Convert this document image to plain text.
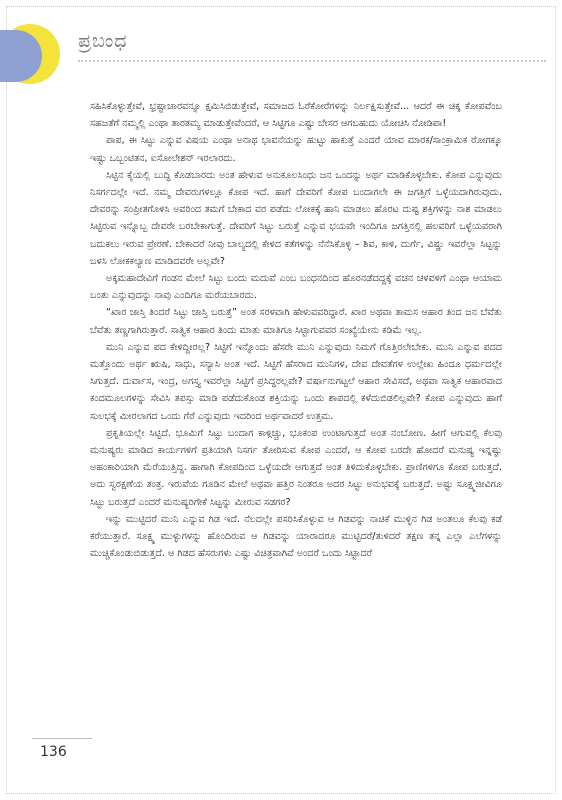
ಪ್ರಬಂಧ

ಸಹಿಸಿಕೊಳ್ಳುತ್ತೇವೆ, ಭ್ರಷ್ಟಾಚಾರವನ್ನೂ ಕ್ಷಮಿಸಿಬಿಡುತ್ತೇವೆ, ಸಮಾಜದ ಓರೆಕೋರೆಗಳನ್ನು ನಿರ್ಲಕ್ಷಿಸುತ್ತೇವೆ... ಆದರೆ ಈ ಚಿಕ್ಕ ಕೋಪವೆಂಬ ಸಹಜತೆಗೆ ನಮ್ಮಲ್ಲಿ ಎಂಥಾ ತಾರತಮ್ಯ ಮಾಡುತ್ತೇವೆಂದರೆ, ಆ ಸಿಟ್ಟಿಗೂ ಎಷ್ಟು ಬೇಸರ ಆಗಬಹುದು ಯೋಚಿಸಿ ನೋಡಿಪಾ!

ಪಾಪ, ಈ ಸಿಟ್ಟು ಎನ್ನುವ ವಿಷಯ ಎಂಥಾ ಅನಾಥ ಭಾವನೆಯನ್ನು ಹುಟ್ಟು ಹಾಕುತ್ತೆ ಎಂದರೆ ಯಾವ ಮಾರಕ/ಸಾಂಕ್ರಾಮಿಕ ರೋಗಕ್ಕೂ ಇಷ್ಟು ಒಬ್ಬಂಟಿತನ, ಐಸೋಲೇಶನ್ ಇರಲಾರದು.

ಸಿಟ್ಟಿನ ಕೈಯಲ್ಲಿ ಬುದ್ಧಿ ಕೊಡಬಾರದು ಅಂತ ಹೇಳುವ ಅನುಕೂಲಸಿಂಧು ಜನ ಒಂದನ್ನು ಅರ್ಥ ಮಾಡಿಕೊಳ್ಳಬೇಕು. ಕೋಪ ಎನ್ನುವುದು ನಿಸರ್ಗದಲ್ಲೇ ಇದೆ. ನಮ್ಮ ದೇವರುಗಳಲ್ಲೂ ಕೋಪ ಇದೆ. ಹಾಗೆ ದೇವರಿಗೆ ಕೋಪ ಬಂದಾಗಲೇ ಈ ಜಗತ್ತಿಗೆ ಒಳ್ಳೆಯದಾಗಿರುವುದು. ದೇವರನ್ನು ಸಂಪ್ರೀತಗೊಳಿಸಿ ಅವರಿಂದ ತಮಗೆ ಬೇಕಾದ ವರ ಪಡೆದು ಲೋಕಕ್ಕೆ ಹಾನಿ ಮಾಡಲು ಹೊರಟ ದುಷ್ಟ ಶಕ್ತಿಗಳನ್ನು ನಾಶ ಮಾಡಲು ಸಿಟ್ಟಿರುವ ಇನ್ನೊಬ್ಬ ದೇವರೇ ಬರಬೇಕಾಗುತ್ತೆ. ದೇವರಿಗೆ ಸಿಟ್ಟು ಬರುತ್ತೆ ಎನ್ನುವ ಭಯವೇ ಇಂದಿಗೂ ಜಗತ್ತಿನಲ್ಲಿ ಹಲವರಿಗೆ ಒಳ್ಳೆಯವರಾಗಿ ಬದುಕಲು ಇರುವ ಪ್ರೇರಣೆ. ಬೇಕಾದರೆ ನೀವು ಬಾಲ್ಯದಲ್ಲಿ ಕೇಳಿದ ಕತೆಗಳನ್ನು ನೆನೆಸಿಕೊಳ್ಳಿ – ಶಿವ, ಕಾಳಿ, ದುರ್ಗೆ, ವಿಷ್ಣು ಇವರೆಲ್ಲಾ ಸಿಟ್ಟನ್ನು ಬಳಸಿ ಲೋಕಕಲ್ಯಾಣ ಮಾಡಿದವರೇ ಅಲ್ಲವೇ?

ಅಕ್ಕಮಹಾದೇವಿಗೆ ಗಂಡನ ಮೇಲೆ ಸಿಟ್ಟು ಬಂದು ಮದುವೆ ಎಂಬ ಬಂಧನದಿಂದ ಹೊರನಡೆದದ್ದಕ್ಕೆ ವಚನ ಚಳವಳಿಗೆ ಎಂಥಾ ಆಯಾಮ ಬಂತು ಎನ್ನುವುದನ್ನು ನಾವು ಎಂದಿಗೂ ಮರೆಯಬಾರದು.

“ಖಾರ ಜಾಸ್ತಿ ತಿಂದರೆ ಸಿಟ್ಟು ಜಾಸ್ತಿ ಬರುತ್ತೆ” ಅಂತ ಸರಳವಾಗಿ ಹೇಳುವವರಿದ್ದಾರೆ. ಖಾರ ಅಥವಾ ತಾಮಸ ಆಹಾರ ತಿಂದ ಜನ ಬೆವೆತು ಬೆವೆತು ತಣ್ಣಗಾಗಿರುತ್ತಾರೆ. ಸಾತ್ವಿಕ ಆಹಾರ ತಿಂದು ಮಾತು ಮಾತಿಗೂ ಸಿಟ್ಟಾಗುವವರ ಸಂಖ್ಯೆಯೇನು ಕಡಿಮೆ ಇಲ್ಲ.

ಮುನಿ ಎನ್ನುವ ಪದ ಕೇಳಿದ್ದೀರಲ್ಲ? ಸಿಟ್ಟಿಗೆ ಇನ್ನೊಂದು ಹೆಸರೇ ಮುನಿ ಎನ್ನುವುದು ನಿಮಗೆ ಗೊತ್ತಿರಲೇಬೇಕು. ಮುನಿ ಎನ್ನುವ ಪದದ ಮತ್ತೊಂದು ಅರ್ಥ ಋಷಿ, ಸಾಧು, ಸನ್ಯಾಸಿ ಅಂತ ಇದೆ. ಸಿಟ್ಟಿಗೆ ಹೆಸರಾದ ಮುನಿಗಳ, ದೇವ ದೇವತೆಗಳ ಉಲ್ಲೇಖ ಹಿಂದೂ ಧರ್ಮದಲ್ಲೇ ಸಿಗುತ್ತದೆ. ದುರ್ವಾಸ, ಇಂದ್ರ, ಅಗಸ್ತ್ಯ ಇವರೆಲ್ಲಾ ಸಿಟ್ಟಿಗೆ ಪ್ರಸಿದ್ಧರಲ್ಲವೇ? ವರ್ಷಾನುಗಟ್ಟಲೆ ಆಹಾರ ಸೇವಿಸದೆ, ಅಥವಾ ಸಾತ್ವಿಕ ಆಹಾರವಾದ ಕಂದಮೂಲಗಳನ್ನು ಸೇವಿಸಿ ತಪಸ್ಸು ಮಾಡಿ ಪಡೆದುಕೊಂಡ ಶಕ್ತಿಯನ್ನು ಒಂದು ಶಾಪದಲ್ಲಿ ಕಳೆದುಬಿಡಲಿಲ್ಲವೇ? ಕೋಪ ಎನ್ನುವುದು ಹಾಗೆ ಸುಲಭಕ್ಕೆ ಮೀರಲಾಗದ ಒಂದು ಗೆರೆ ಎನ್ನುವುದು ಇದರಿಂದ ಅರ್ಥವಾದರೆ ಉತ್ತಮ.

ಪ್ರಕೃತಿಯಲ್ಲೇ ಸಿಟ್ಟಿದೆ. ಭೂಮಿಗೆ ಸಿಟ್ಟು ಬಂದಾಗ ಕಾಳ್ಗಿಚ್ಚು, ಭೂಕಂಪ ಉಂಟಾಗುತ್ತದೆ ಅಂತ ನಂಬೋಣ. ಹೀಗೆ ಆಗುವಲ್ಲಿ ಕೆಲವು ಮನುಷ್ಯರು ಮಾಡಿದ ಕಾರ್ಯಗಳಿಗೆ ಪ್ರತಿಯಾಗಿ ನಿಸರ್ಗ ತೋರಿಸುವ ಕೋಪ ಎಂದರೆ, ಆ ಕೋಪ ಬರದೇ ಹೋದರೆ ಮನುಷ್ಯ ಇನ್ನಷ್ಟು ಅಹಂಕಾರಿಯಾಗಿ ಮೆರೆಯುತ್ತಿದ್ದ. ಹಾಗಾಗಿ ಕೋಪದಿಂದ ಒಳ್ಳೆಯದೇ ಆಗುತ್ತದೆ ಅಂತ ತಿಳಿದುಕೊಳ್ಳಬೇಕು. ಪ್ರಾಣಿಗಳಿಗೂ ಕೋಪ ಬರುತ್ತದೆ. ಅದು ಸ್ವರಕ್ಷಣೆಯ ತಂತ್ರ. ಇರುವೆಯ ಗೂಡಿನ ಮೇಲೆ ಅಥವಾ ಹತ್ತಿರ ನಿಂತರೂ ಅದರ ಸಿಟ್ಟು ಅನುಭವಕ್ಕೆ ಬರುತ್ತದೆ. ಅಷ್ಟು ಸೂಕ್ಷ್ಮಜೀವಿಗೂ ಸಿಟ್ಟು ಬರುತ್ತದೆ ಎಂದರೆ ಮನುಷ್ಯರಿಗೇಕೆ ಸಿಟ್ಟನ್ನು ಮೀರುವ ಸಡಗರ?

ಇನ್ನು ಮುಟ್ಟಿದರೆ ಮುನಿ ಎನ್ನುವ ಗಿಡ ಇದೆ. ನೆಲದಲ್ಲೇ ಪಸರಿಸಿಕೊಳ್ಳುವ ಆ ಗಿಡವನ್ನು ನಾಚಿಕೆ ಮುಳ್ಳಿನ ಗಿಡ ಅಂತಲೂ ಕೆಲವು ಕಡೆ ಕರೆಯುತ್ತಾರೆ. ಸೂಕ್ಷ್ಮ ಮುಳ್ಳುಗಳನ್ನು ಹೊಂದಿರುವ ಆ ಗಿಡವನ್ನು ಯಾರಾದರೂ ಮುಟ್ಟಿದರೆ/ತುಳಿದರೆ ತಕ್ಷಣ ತನ್ನ ಎಲ್ಲಾ ಎಲೆಗಳನ್ನು ಮುಚ್ಚಿಕೊಂಡುಬಿಡುತ್ತದೆ. ಆ ಗಿಡದ ಹೆಸರುಗಳು ಎಷ್ಟು ವಿಚಿತ್ರವಾಗಿವೆ ಅಂದರೆ ಒಂದು ಸಿಟ್ಟಾದರೆ

136
